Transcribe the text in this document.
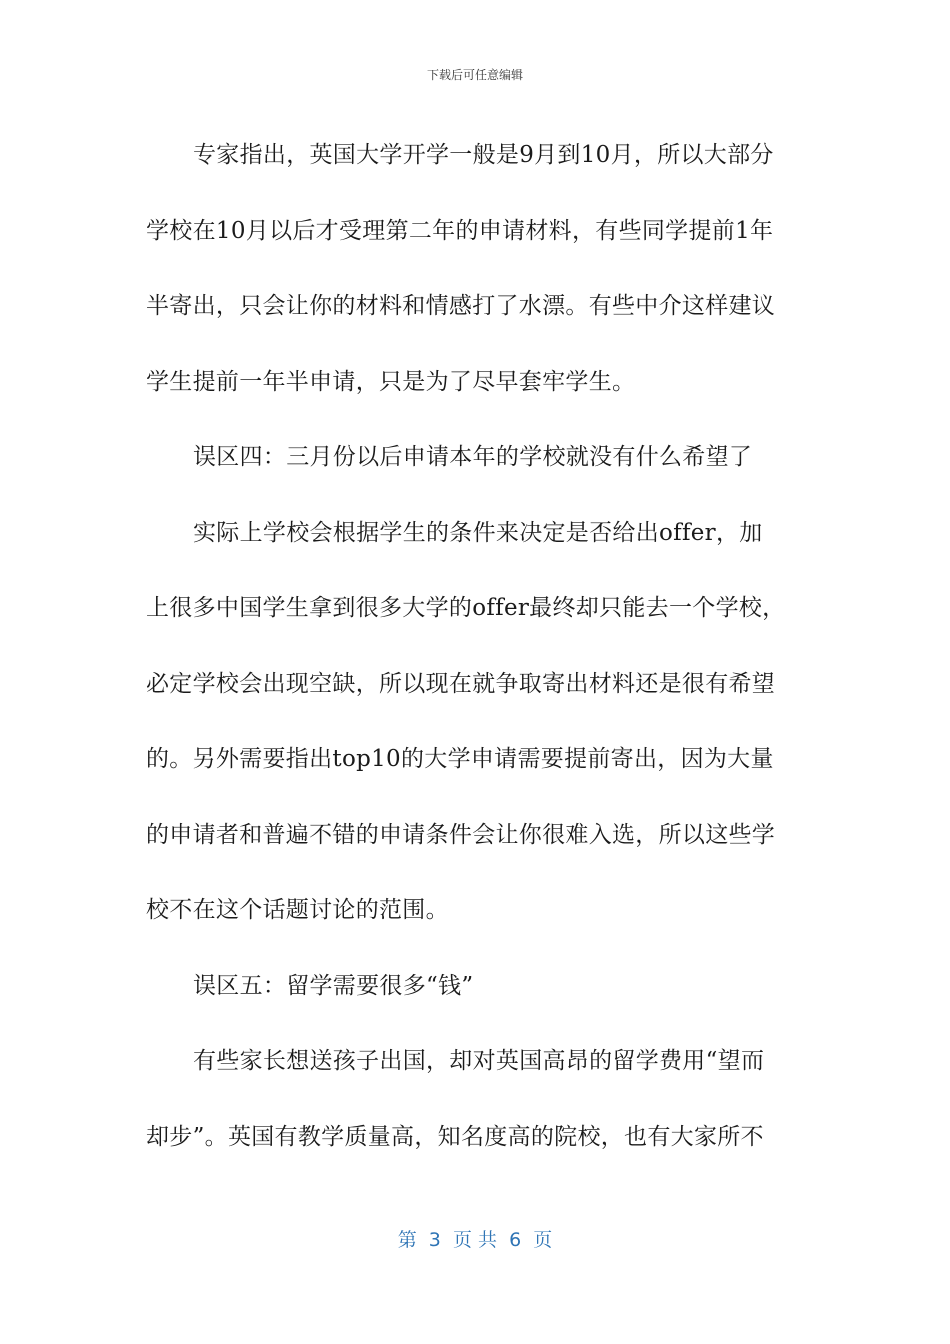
下载后可任意编辑

专家指出，英国大学开学一般是9月到10月，所以大部分

学校在10月以后才受理第二年的申请材料，有些同学提前1年

半寄出，只会让你的材料和情感打了水漂。有些中介这样建议

学生提前一年半申请，只是为了尽早套牢学生。

误区四：三月份以后申请本年的学校就没有什么希望了

实际上学校会根据学生的条件来决定是否给出offer，加

上很多中国学生拿到很多大学的offer最终却只能去一个学校，

必定学校会出现空缺，所以现在就争取寄出材料还是很有希望

的。另外需要指出top10的大学申请需要提前寄出，因为大量

的申请者和普遍不错的申请条件会让你很难入选，所以这些学

校不在这个话题讨论的范围。

误区五：留学需要很多“钱”

有些家长想送孩子出国，却对英国高昂的留学费用“望而

却步”。英国有教学质量高，知名度高的院校，也有大家所不

第  3  页 共  6  页
